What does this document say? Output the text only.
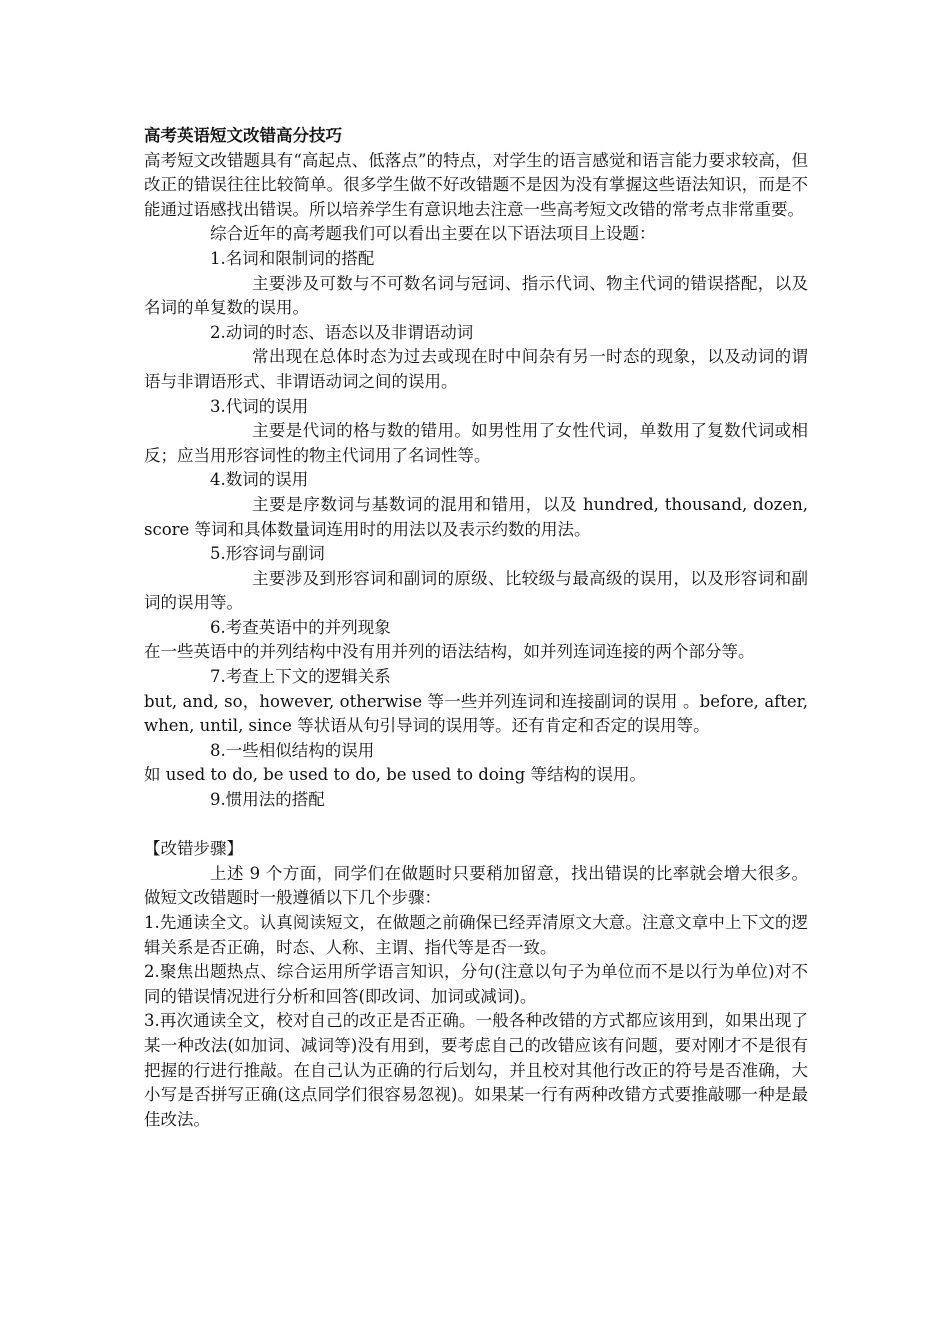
高考英语短文改错高分技巧

高考短文改错题具有“高起点、低落点”的特点，对学生的语言感觉和语言能力要求较高，但改正的错误往往比较简单。很多学生做不好改错题不是因为没有掌握这些语法知识，而是不能通过语感找出错误。所以培养学生有意识地去注意一些高考短文改错的常考点非常重要。

综合近年的高考题我们可以看出主要在以下语法项目上设题：

1.名词和限制词的搭配

主要涉及可数与不可数名词与冠词、指示代词、物主代词的错误搭配，以及名词的单复数的误用。

2.动词的时态、语态以及非谓语动词

常出现在总体时态为过去或现在时中间杂有另一时态的现象，以及动词的谓语与非谓语形式、非谓语动词之间的误用。

3.代词的误用

主要是代词的格与数的错用。如男性用了女性代词，单数用了复数代词或相反；应当用形容词性的物主代词用了名词性等。

4.数词的误用

主要是序数词与基数词的混用和错用，以及 hundred, thousand, dozen, score 等词和具体数量词连用时的用法以及表示约数的用法。

5.形容词与副词

主要涉及到形容词和副词的原级、比较级与最高级的误用，以及形容词和副词的误用等。

6.考查英语中的并列现象

在一些英语中的并列结构中没有用并列的语法结构，如并列连词连接的两个部分等。

7.考查上下文的逻辑关系

but, and, so，however, otherwise 等一些并列连词和连接副词的误用 。before, after, when, until, since 等状语从句引导词的误用等。还有肯定和否定的误用等。

8.一些相似结构的误用

如 used to do, be used to do, be used to doing 等结构的误用。

9.惯用法的搭配

【改错步骤】

上述 9 个方面，同学们在做题时只要稍加留意，找出错误的比率就会增大很多。做短文改错题时一般遵循以下几个步骤：

1.先通读全文。认真阅读短文，在做题之前确保已经弄清原文大意。注意文章中上下文的逻辑关系是否正确，时态、人称、主谓、指代等是否一致。

2.聚焦出题热点、综合运用所学语言知识，分句(注意以句子为单位而不是以行为单位)对不同的错误情况进行分析和回答(即改词、加词或减词)。

3.再次通读全文，校对自己的改正是否正确。一般各种改错的方式都应该用到，如果出现了某一种改法(如加词、减词等)没有用到，要考虑自己的改错应该有问题，要对刚才不是很有把握的行进行推敲。在自己认为正确的行后划勾，并且校对其他行改正的符号是否准确，大小写是否拼写正确(这点同学们很容易忽视)。如果某一行有两种改错方式要推敲哪一种是最佳改法。
